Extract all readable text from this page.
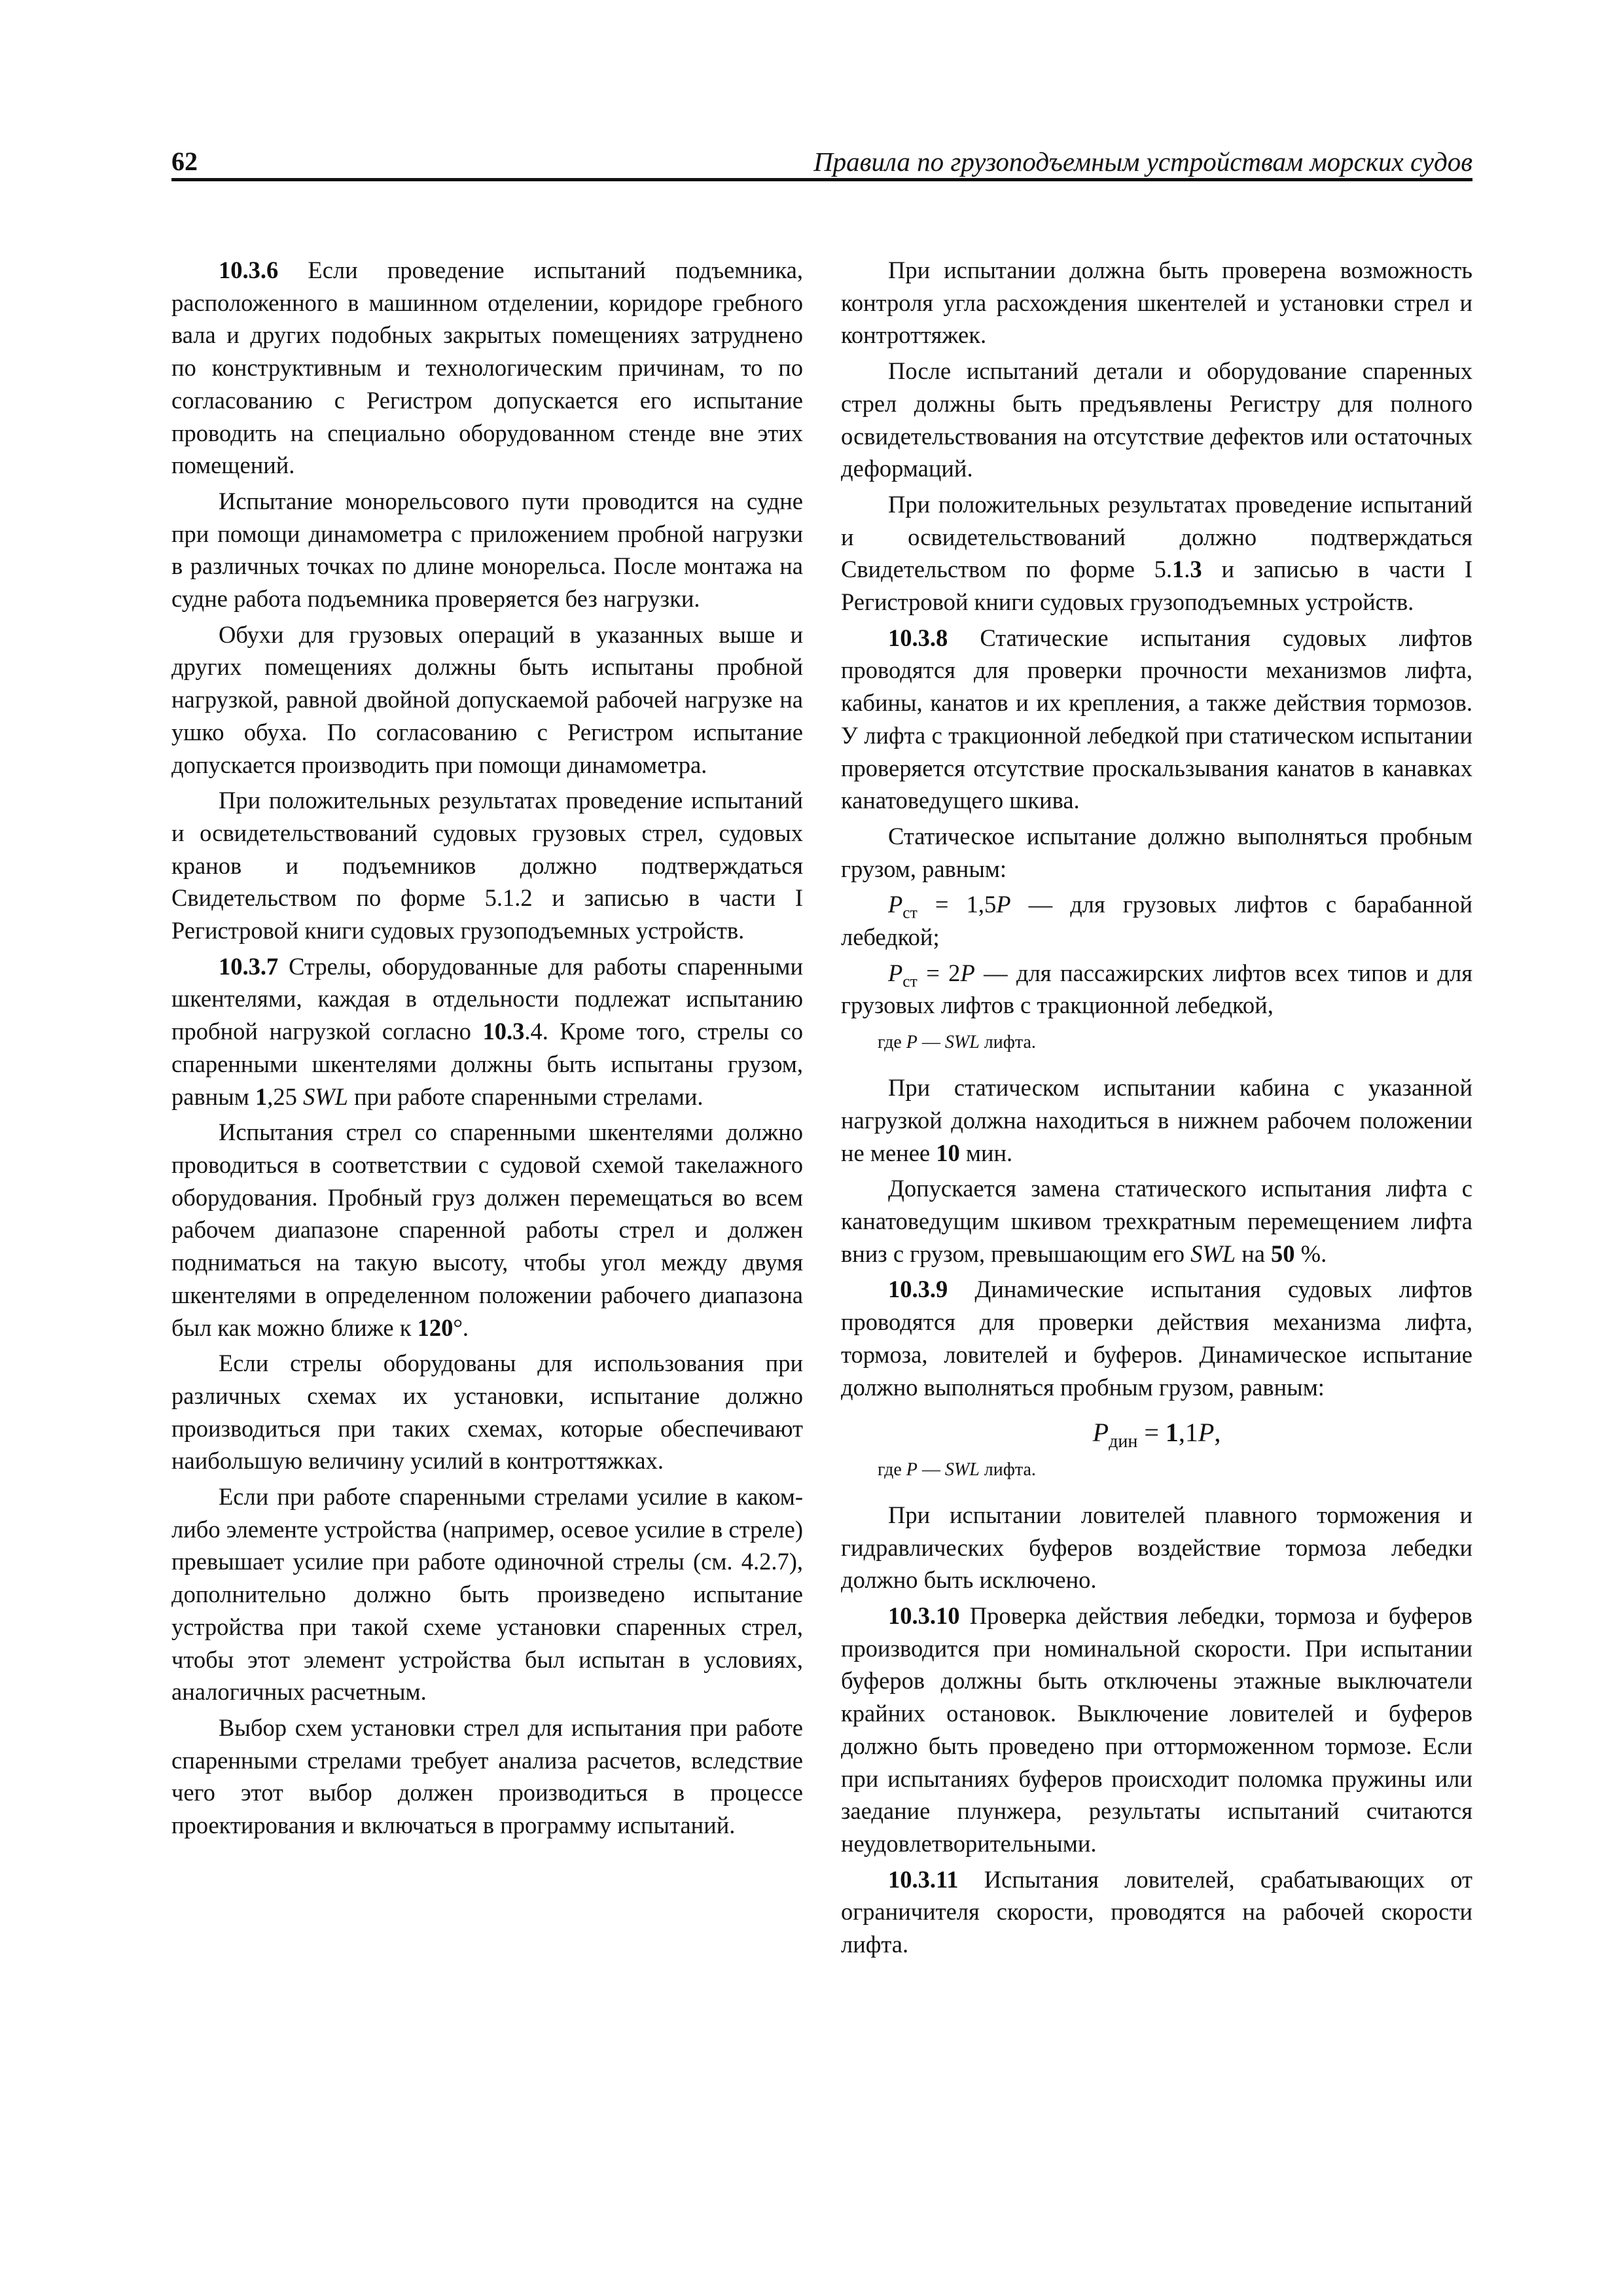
62	Правила по грузоподъемным устройствам морских судов

10.3.6 Если проведение испытаний подъемника, расположенного в машинном отделении, коридоре гребного вала и других подобных закрытых помещениях затруднено по конструктивным и технологическим причинам, то по согласованию с Регистром допускается его испытание проводить на специально оборудованном стенде вне этих помещений.

Испытание монорельсового пути проводится на судне при помощи динамометра с приложением пробной нагрузки в различных точках по длине монорельса. После монтажа на судне работа подъемника проверяется без нагрузки.

Обухи для грузовых операций в указанных выше и других помещениях должны быть испытаны пробной нагрузкой, равной двойной допускаемой рабочей нагрузке на ушко обуха. По согласованию с Регистром испытание допускается производить при помощи динамометра.

При положительных результатах проведение испытаний и освидетельствований судовых грузовых стрел, судовых кранов и подъемников должно подтверждаться Свидетельством по форме 5.1.2 и записью в части I Регистровой книги судовых грузоподъемных устройств.

10.3.7 Стрелы, оборудованные для работы спаренными шкентелями, каждая в отдельности подлежат испытанию пробной нагрузкой согласно 10.3.4. Кроме того, стрелы со спаренными шкентелями должны быть испытаны грузом, равным 1,25 SWL при работе спаренными стрелами.

Испытания стрел со спаренными шкентелями должно проводиться в соответствии с судовой схемой такелажного оборудования. Пробный груз должен перемещаться во всем рабочем диапазоне спаренной работы стрел и должен подниматься на такую высоту, чтобы угол между двумя шкентелями в определенном положении рабочего диапазона был как можно ближе к 120°.

Если стрелы оборудованы для использования при различных схемах их установки, испытание должно производиться при таких схемах, которые обеспечивают наибольшую величину усилий в контроттяжках.

Если при работе спаренными стрелами усилие в каком-либо элементе устройства (например, осевое усилие в стреле) превышает усилие при работе одиночной стрелы (см. 4.2.7), дополнительно должно быть произведено испытание устройства при такой схеме установки спаренных стрел, чтобы этот элемент устройства был испытан в условиях, аналогичных расчетным.

Выбор схем установки стрел для испытания при работе спаренными стрелами требует анализа расчетов, вследствие чего этот выбор должен производиться в процессе проектирования и включаться в программу испытаний.

При испытании должна быть проверена возможность контроля угла расхождения шкентелей и установки стрел и контроттяжек.

После испытаний детали и оборудование спаренных стрел должны быть предъявлены Регистру для полного освидетельствования на отсутствие дефектов или остаточных деформаций.

При положительных результатах проведение испытаний и освидетельствований должно подтверждаться Свидетельством по форме 5.1.3 и записью в части I Регистровой книги судовых грузоподъемных устройств.

10.3.8 Статические испытания судовых лифтов проводятся для проверки прочности механизмов лифта, кабины, канатов и их крепления, а также действия тормозов. У лифта с тракционной лебедкой при статическом испытании проверяется отсутствие проскальзывания канатов в канавках канатоведущего шкива.

Статическое испытание должно выполняться пробным грузом, равным:

$P_{ст} = 1,5P$ — для грузовых лифтов с барабанной лебедкой;

$P_{ст} = 2P$ — для пассажирских лифтов всех типов и для грузовых лифтов с тракционной лебедкой,

где P — SWL лифта.

При статическом испытании кабина с указанной нагрузкой должна находиться в нижнем рабочем положении не менее 10 мин.

Допускается замена статического испытания лифта с канатоведущим шкивом трехкратным перемещением лифта вниз с грузом, превышающим его SWL на 50 %.

10.3.9 Динамические испытания судовых лифтов проводятся для проверки действия механизма лифта, тормоза, ловителей и буферов. Динамическое испытание должно выполняться пробным грузом, равным:

$P_{дин} = 1,1P$,

где P — SWL лифта.

При испытании ловителей плавного торможения и гидравлических буферов воздействие тормоза лебедки должно быть исключено.

10.3.10 Проверка действия лебедки, тормоза и буферов производится при номинальной скорости. При испытании буферов должны быть отключены этажные выключатели крайних остановок. Выключение ловителей и буферов должно быть проведено при отторможенном тормозе. Если при испытаниях буферов происходит поломка пружины или заедание плунжера, результаты испытаний считаются неудовлетворительными.

10.3.11 Испытания ловителей, срабатывающих от ограничителя скорости, проводятся на рабочей скорости лифта.
